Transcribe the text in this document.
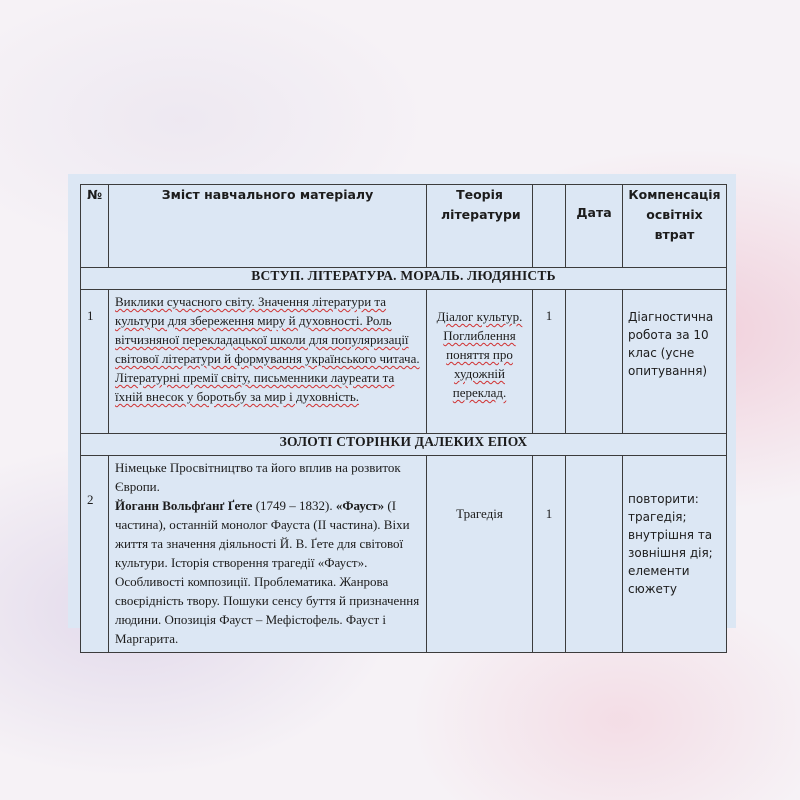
№	Зміст навчального матеріалу	Теорія літератури		Дата	Компенсація освітніх втрат
ВСТУП. ЛІТЕРАТУРА. МОРАЛЬ. ЛЮДЯНІСТЬ					
1	Виклики сучасного світу. Значення літератури та культури для збереження миру й духовності. Роль вітчизняної перекладацької школи для популяризації світової літератури й формування українського читача. Літературні премії світу, письменники лауреати та їхній внесок у боротьбу за мир і духовність.	Діалог культур. Поглиблення поняття про художній переклад.	1		Діагностична робота за 10 клас (усне опитування)
ЗОЛОТІ СТОРІНКИ ДАЛЕКИХ ЕПОХ					
2	Німецьке Просвітництво та його вплив на розвиток Європи.
Йоганн Вольфґанґ Ґете (1749 – 1832). «Фауст» (I частина), останній монолог Фауста (II частина). Віхи життя та значення діяльності Й. В. Ґете для світової культури. Історія створення трагедії «Фауст». Особливості композиції. Проблематика. Жанрова своєрідність твору. Пошуки сенсу буття й призначення людини. Опозиція Фауст – Мефістофель. Фауст і Маргарита.	Трагедія	1		повторити: трагедія; внутрішня та зовнішня дія; елементи сюжету
